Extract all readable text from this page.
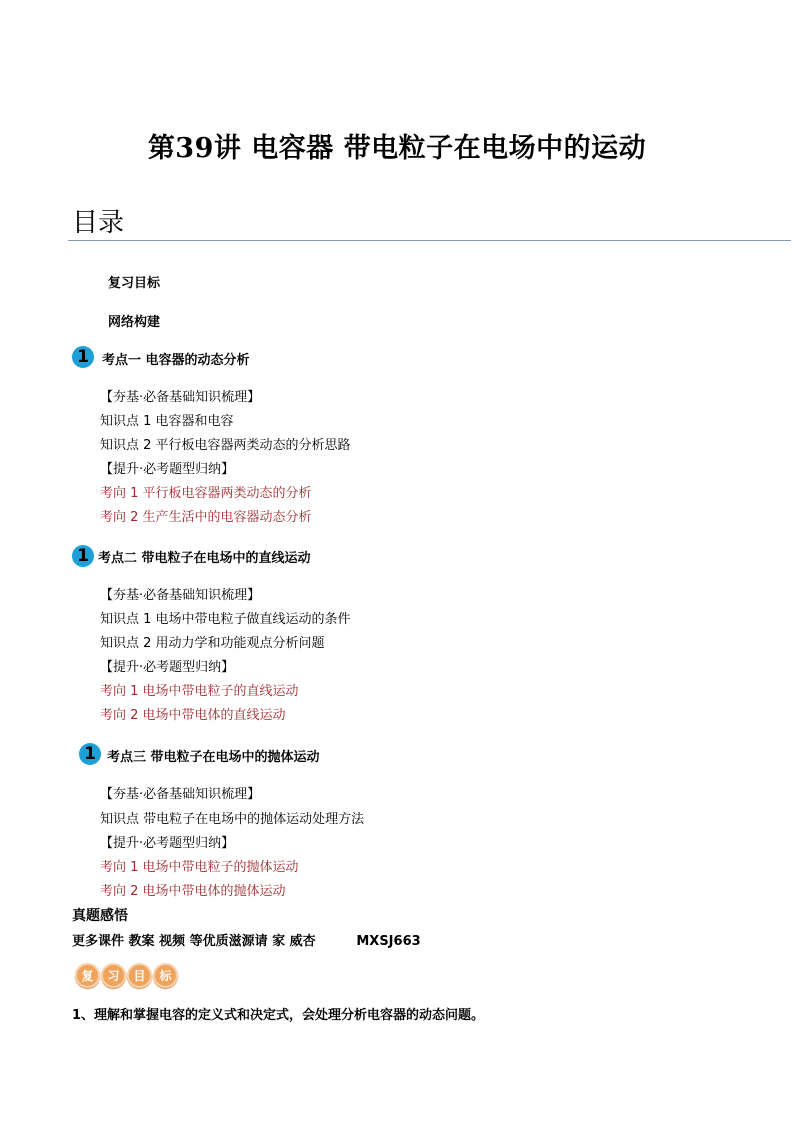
第39讲 电容器 带电粒子在电场中的运动
目录
复习目标
网络构建
1	考点一 电容器的动态分析
【夯基·必备基础知识梳理】
知识点 1 电容器和电容
知识点 2 平行板电容器两类动态的分析思路
【提升·必考题型归纳】
考向 1 平行板电容器两类动态的分析
考向 2 生产生活中的电容器动态分析
1 考点二 带电粒子在电场中的直线运动
【夯基·必备基础知识梳理】
知识点 1 电场中带电粒子做直线运动的条件
知识点 2 用动力学和功能观点分析问题
【提升·必考题型归纳】
考向 1 电场中带电粒子的直线运动
考向 2 电场中带电体的直线运动
1 考点三 带电粒子在电场中的抛体运动
【夯基·必备基础知识梳理】
知识点 带电粒子在电场中的抛体运动处理方法
【提升·必考题型归纳】
考向 1 电场中带电粒子的抛体运动
考向 2 电场中带电体的抛体运动
真题感悟
更多课件 教案 视频 等优质滋源请 家 威杏         MXSJ663
复	习	目	标
1、理解和掌握电容的定义式和决定式，会处理分析电容器的动态问题。
